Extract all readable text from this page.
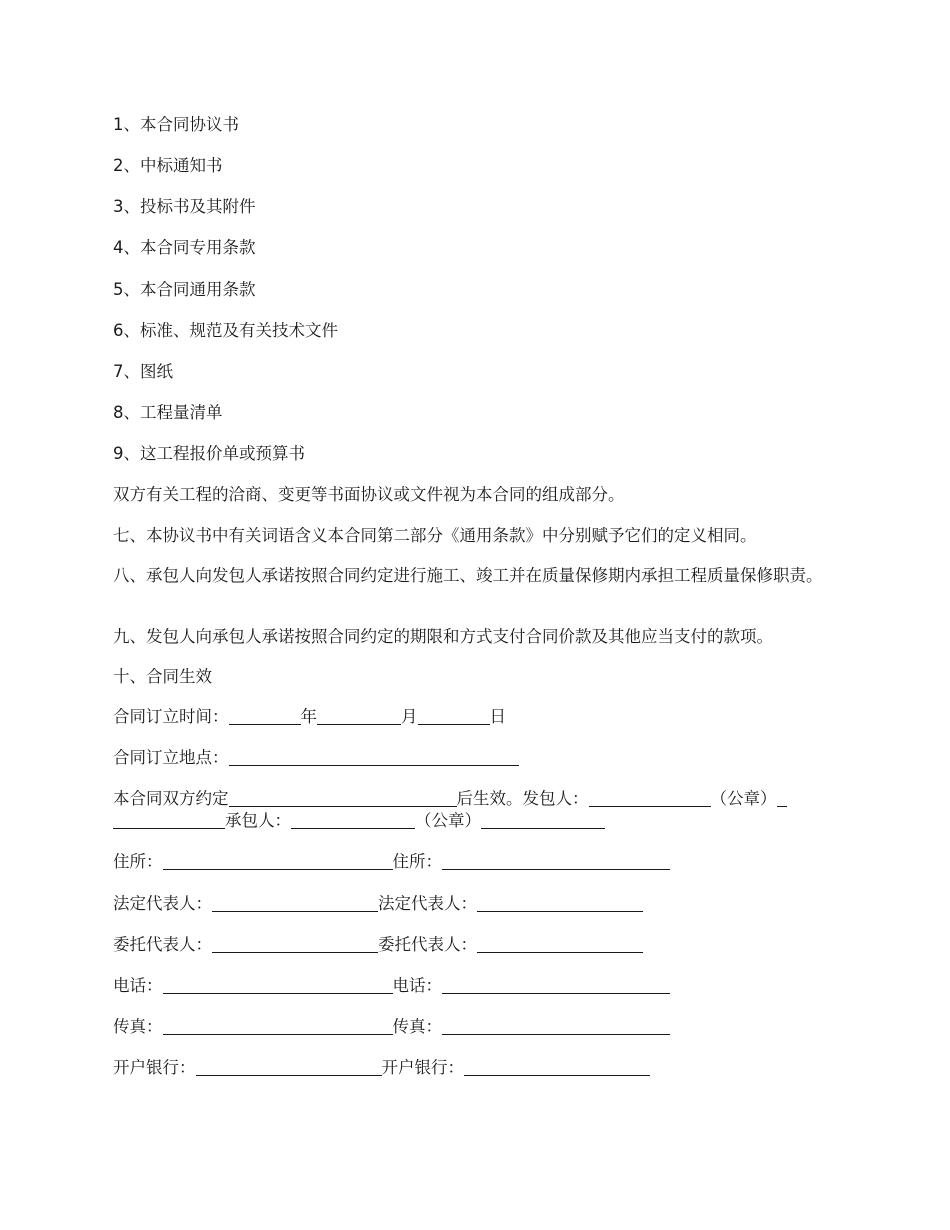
1、本合同协议书
2、中标通知书
3、投标书及其附件
4、本合同专用条款
5、本合同通用条款
6、标准、规范及有关技术文件
7、图纸
8、工程量清单
9、这工程报价单或预算书
双方有关工程的洽商、变更等书面协议或文件视为本合同的组成部分。
七、本协议书中有关词语含义本合同第二部分《通用条款》中分别赋予它们的定义相同。
八、承包人向发包人承诺按照合同约定进行施工、竣工并在质量保修期内承担工程质量保修职责。
九、发包人向承包人承诺按照合同约定的期限和方式支付合同价款及其他应当支付的款项。
十、合同生效
合同订立时间：	年	月	日
合同订立地点：
本合同双方约定	后生效。发包人：	（公章）
承包人：	（公章）
住所：	住所：
法定代表人：	法定代表人：
委托代表人：	委托代表人：
电话：	电话：
传真：	传真：
开户银行：	开户银行：
